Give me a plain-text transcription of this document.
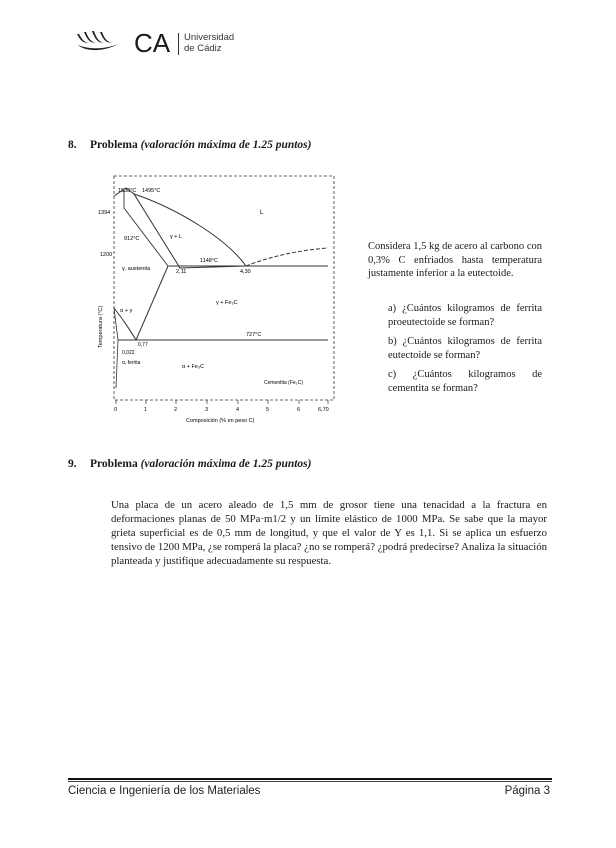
CA Universidad
de Cádiz
8. Problema (valoración máxima de 1.25 puntos)
1538°C 1495°C
1394
1200
912°C
1148°C
2,11	4,30
γ + L
γ, austenita
L
α + γ
γ + Fe₃C
727°C
0,77
0,022
α + Fe₃C
α, ferrita
Cementita (Fe₃C)
Temperatura (°C)
Composición (% en peso C)
0	1	2	3	4	5	6	6,70
Considera 1,5 kg de acero al carbono con 0,3% C enfriados hasta temperatura justamente inferior a la eutectoide.
a) ¿Cuántos kilogramos de ferrita proeutectoide se forman?
b) ¿Cuántos kilogramos de ferrita eutectoide se forman?
c) ¿Cuántos kilogramos de cementita se forman?
9. Problema (valoración máxima de 1.25 puntos)
Una placa de un acero aleado de 1,5 mm de grosor tiene una tenacidad a la fractura en deformaciones planas de 50 MPa·m1/2 y un límite elástico de 1000 MPa. Se sabe que la mayor grieta superficial es de 0,5 mm de longitud, y que el valor de Y es 1,1. Si se aplica un esfuerzo tensivo de 1200 MPa, ¿se romperá la placa? ¿no se romperá? ¿podrá predecirse? Analiza la situación planteada y justifique adecuadamente su respuesta.
Ciencia e Ingeniería de los Materiales	Página 3
